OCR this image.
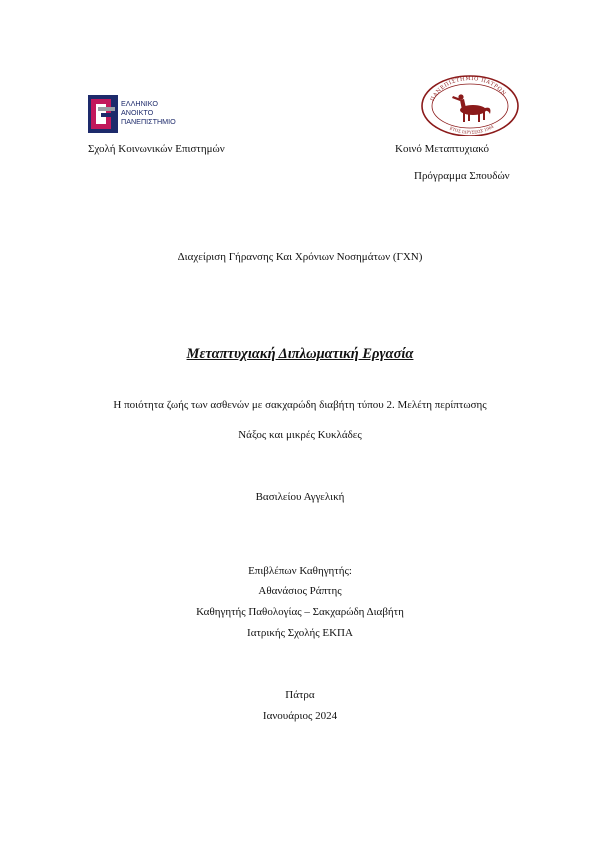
ΕΛΛΗΝΙΚΟ
ΑΝΟΙΚΤΟ
ΠΑΝΕΠΙΣΤΗΜΙΟ
ΠΑΝΕΠΙΣΤΗΜΙΟ ΠΑΤΡΩΝ
ΕΤΟΣ ΙΔΡΥΣΕΩΣ 1964
Σχολή Κοινωνικών Επιστημών	Κοινό Μεταπτυχιακό
Πρόγραμμα Σπουδών
Διαχείριση Γήρανσης Και Χρόνιων Νοσημάτων (ΓΧΝ)
Μεταπτυχιακή Διπλωματική Εργασία
Η ποιότητα ζωής των ασθενών με σακχαρώδη διαβήτη τύπου 2. Μελέτη περίπτωσης
Νάξος και μικρές Κυκλάδες
Βασιλείου Αγγελική
Επιβλέπων Καθηγητής:
Αθανάσιος Ράπτης
Καθηγητής Παθολογίας – Σακχαρώδη Διαβήτη
Ιατρικής Σχολής ΕΚΠΑ
Πάτρα
Ιανουάριος 2024
